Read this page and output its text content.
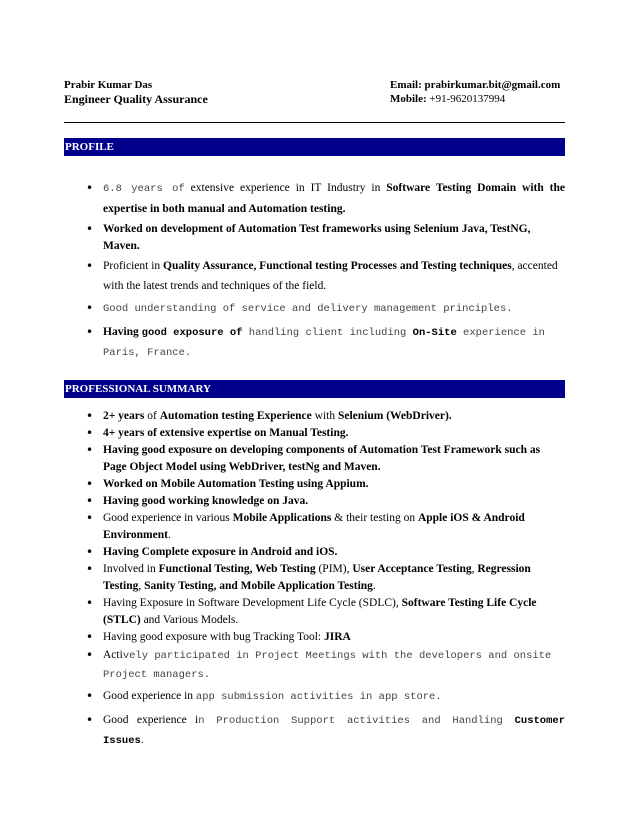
Prabir Kumar Das
Engineer Quality Assurance
Email: prabirkumar.bit@gmail.com
Mobile: +91-9620137994
PROFILE
• 6.8 years of extensive experience in IT Industry in Software Testing Domain with the expertise in both manual and Automation testing.
• Worked on development of Automation Test frameworks using Selenium Java, TestNG, Maven.
• Proficient in Quality Assurance, Functional testing Processes and Testing techniques, accented with the latest trends and techniques of the field.
• Good understanding of service and delivery management principles.
• Having good exposure of handling client including On-Site experience in Paris, France.
PROFESSIONAL SUMMARY
• 2+ years of Automation testing Experience with Selenium (WebDriver).
• 4+ years of extensive expertise on Manual Testing.
• Having good exposure on developing components of Automation Test Framework such as Page Object Model using WebDriver, testNg and Maven.
• Worked on Mobile Automation Testing using Appium.
• Having good working knowledge on Java.
• Good experience in various Mobile Applications & their testing on Apple iOS & Android Environment.
• Having Complete exposure in Android and iOS.
• Involved in Functional Testing, Web Testing (PIM), User Acceptance Testing, Regression Testing, Sanity Testing, and Mobile Application Testing.
• Having Exposure in Software Development Life Cycle (SDLC), Software Testing Life Cycle (STLC) and Various Models.
• Having good exposure with bug Tracking Tool: JIRA
• Actively participated in Project Meetings with the developers and onsite Project managers.
• Good experience in app submission activities in app store.
• Good experience in Production Support activities and Handling Customer Issues.
